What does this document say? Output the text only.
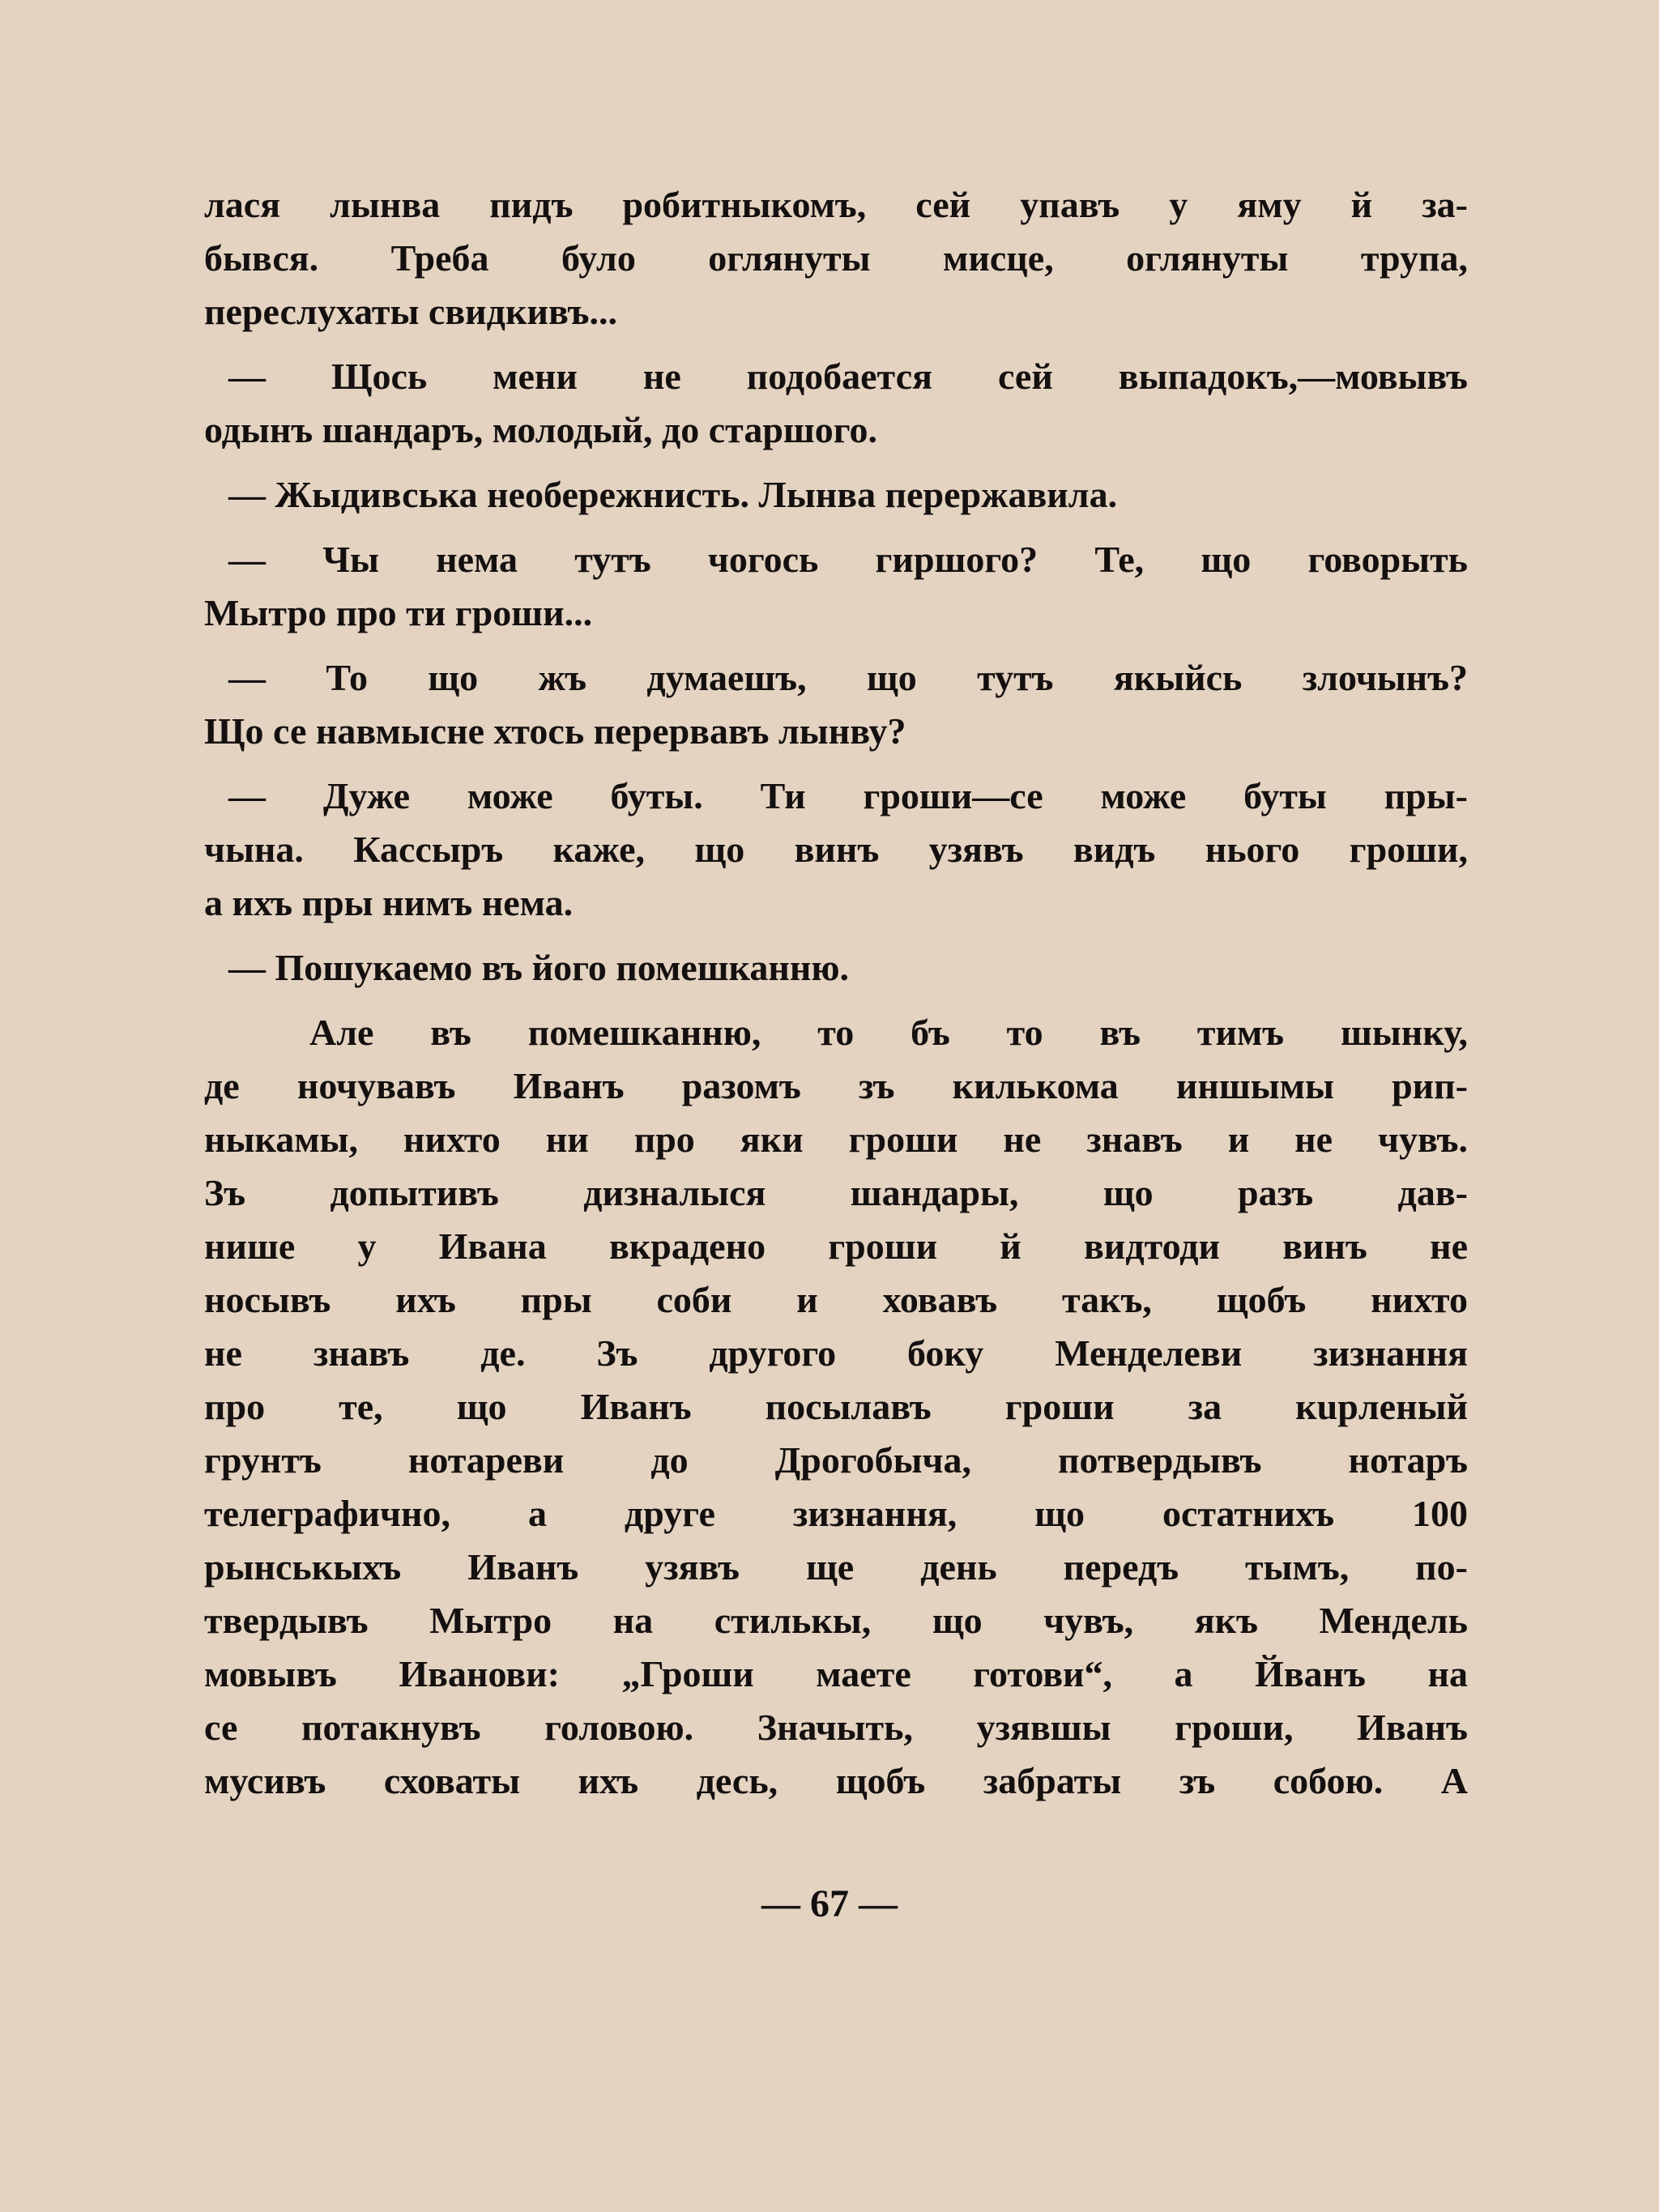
лася лынва пидъ робитныкомъ, сей упавъ у яму й за-
бывся. Треба було оглянуты мисце, оглянуты трупа,
переслухаты свидкивъ...
— Щось мени не подобается сей выпадокъ,—мовывъ
одынъ шандаръ, молодый, до старшого.
— Жыдивська необережнисть. Лынва перержавила.
— Чы нема тутъ чогось гиршого? Те, що говорыть
Мытро про ти гроши...
— То що жъ думаешъ, що тутъ якыйсь злочынъ?
Що се навмысне хтось перервавъ лынву?
— Дуже може буты. Ти гроши—се може буты пры-
чына. Кассыръ каже, що винъ узявъ видъ нього гроши,
а ихъ пры нимъ нема.
— Пошукаемо въ його помешканню.
Але въ помешканню, то бъ то въ тимъ шынку,
де ночувавъ Иванъ разомъ зъ килькома иншымы рип-
ныкамы, нихто ни про яки гроши не знавъ и не чувъ.
Зъ допытивъ дизналыся шандары, що разъ дав-
нише у Ивана вкрадено гроши й видтоди винъ не
носывъ ихъ пры соби и ховавъ такъ, щобъ нихто
не знавъ де. Зъ другого боку Менделеви зизнання
про те, що Иванъ посылавъ гроши за кupленый
грунтъ нотареви до Дрогобыча, потвердывъ нотаръ
телеграфично, а друге зизнання, що остатнихъ 100
рынськыхъ Иванъ узявъ ще день передъ тымъ, по-
твердывъ Мытро на стилькы, що чувъ, якъ Мендель
мовывъ Иванови: „Гроши маете готови“, а Йванъ на
се потакнувъ головою. Значыть, узявшы гроши, Иванъ
мусивъ сховаты ихъ десь, щобъ забраты зъ собою. А
— 67 —
